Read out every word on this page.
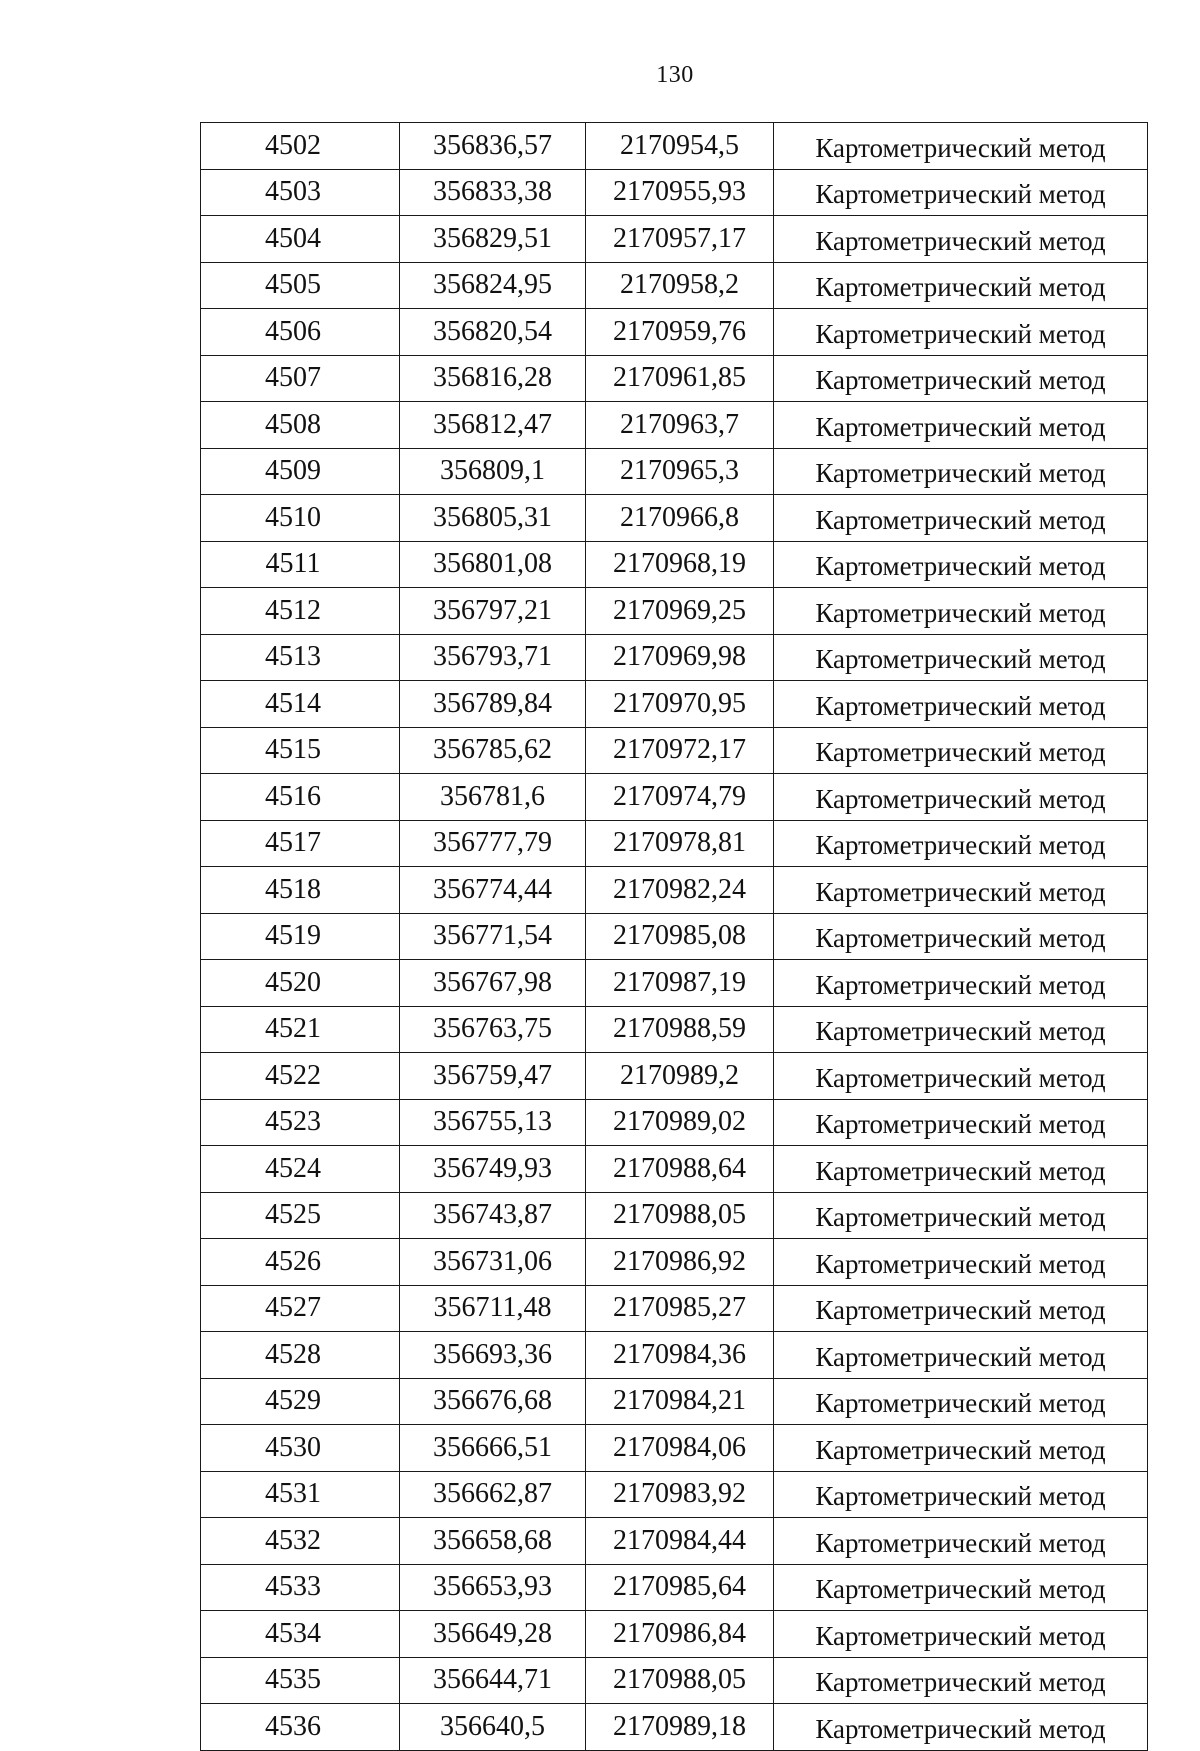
130
4502	356836,57	2170954,5	Картометрический метод
4503	356833,38	2170955,93	Картометрический метод
4504	356829,51	2170957,17	Картометрический метод
4505	356824,95	2170958,2	Картометрический метод
4506	356820,54	2170959,76	Картометрический метод
4507	356816,28	2170961,85	Картометрический метод
4508	356812,47	2170963,7	Картометрический метод
4509	356809,1	2170965,3	Картометрический метод
4510	356805,31	2170966,8	Картометрический метод
4511	356801,08	2170968,19	Картометрический метод
4512	356797,21	2170969,25	Картометрический метод
4513	356793,71	2170969,98	Картометрический метод
4514	356789,84	2170970,95	Картометрический метод
4515	356785,62	2170972,17	Картометрический метод
4516	356781,6	2170974,79	Картометрический метод
4517	356777,79	2170978,81	Картометрический метод
4518	356774,44	2170982,24	Картометрический метод
4519	356771,54	2170985,08	Картометрический метод
4520	356767,98	2170987,19	Картометрический метод
4521	356763,75	2170988,59	Картометрический метод
4522	356759,47	2170989,2	Картометрический метод
4523	356755,13	2170989,02	Картометрический метод
4524	356749,93	2170988,64	Картометрический метод
4525	356743,87	2170988,05	Картометрический метод
4526	356731,06	2170986,92	Картометрический метод
4527	356711,48	2170985,27	Картометрический метод
4528	356693,36	2170984,36	Картометрический метод
4529	356676,68	2170984,21	Картометрический метод
4530	356666,51	2170984,06	Картометрический метод
4531	356662,87	2170983,92	Картометрический метод
4532	356658,68	2170984,44	Картометрический метод
4533	356653,93	2170985,64	Картометрический метод
4534	356649,28	2170986,84	Картометрический метод
4535	356644,71	2170988,05	Картометрический метод
4536	356640,5	2170989,18	Картометрический метод
